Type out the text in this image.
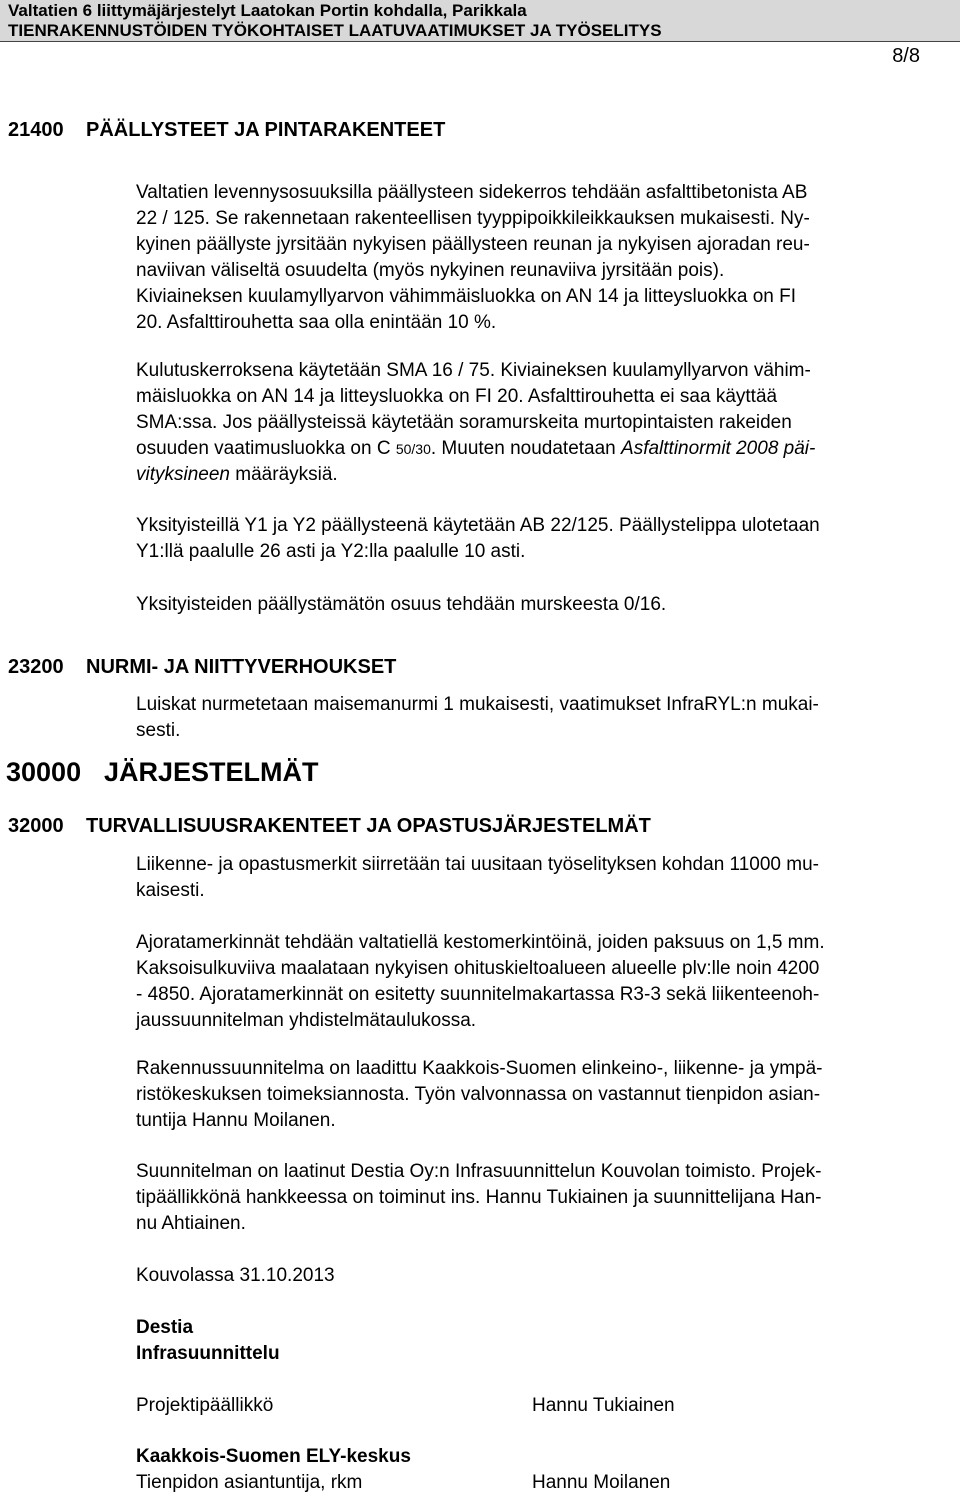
Valtatien 6 liittymäjärjestelyt Laatokan Portin kohdalla, Parikkala
TIENRAKENNUSTÖIDEN TYÖKOHTAISET LAATUVAATIMUKSET JA TYÖSELITYS
8/8
21400 PÄÄLLYSTEET JA PINTARAKENTEET
Valtatien levennysosuuksilla päällysteen sidekerros tehdään asfalttibetonista AB
22 / 125. Se rakennetaan rakenteellisen tyyppipoikkileikkauksen mukaisesti. Ny-
kyinen päällyste jyrsitään nykyisen päällysteen reunan ja nykyisen ajoradan reu-
naviivan väliseltä osuudelta (myös nykyinen reunaviiva jyrsitään pois).
Kiviaineksen kuulamyllyarvon vähimmäisluokka on AN 14 ja litteysluokka on FI
20. Asfalttirouhetta saa olla enintään 10 %.
Kulutuskerroksena käytetään SMA 16 / 75. Kiviaineksen kuulamyllyarvon vähim-
mäisluokka on AN 14 ja litteysluokka on FI 20. Asfalttirouhetta ei saa käyttää
SMA:ssa. Jos päällysteissä käytetään soramurskeita murtopintaisten rakeiden
osuuden vaatimusluokka on C 50/30. Muuten noudatetaan Asfalttinormit 2008 päi-
vityksineen määräyksiä.
Yksityisteillä Y1 ja Y2 päällysteenä käytetään AB 22/125. Päällystelippa ulotetaan
Y1:llä paalulle 26 asti ja Y2:lla paalulle 10 asti.
Yksityisteiden päällystämätön osuus tehdään murskeesta 0/16.
23200 NURMI- JA NIITTYVERHOUKSET
Luiskat nurmetetaan maisemanurmi 1 mukaisesti, vaatimukset InfraRYL:n mukai-
sesti.
30000 JÄRJESTELMÄT
32000 TURVALLISUUSRAKENTEET JA OPASTUSJÄRJESTELMÄT
Liikenne- ja opastusmerkit siirretään tai uusitaan työselityksen kohdan 11000 mu-
kaisesti.
Ajoratamerkinnät tehdään valtatiellä kestomerkintöinä, joiden paksuus on 1,5 mm.
Kaksoisulkuviiva maalataan nykyisen ohituskieltoalueen alueelle plv:lle noin 4200
- 4850. Ajoratamerkinnät on esitetty suunnitelmakartassa R3-3 sekä liikenteenoh-
jaussuunnitelman yhdistelmätaulukossa.
Rakennussuunnitelma on laadittu Kaakkois-Suomen elinkeino-, liikenne- ja ympä-
ristökeskuksen toimeksiannosta. Työn valvonnassa on vastannut tienpidon asian-
tuntija Hannu Moilanen.
Suunnitelman on laatinut Destia Oy:n Infrasuunnittelun Kouvolan toimisto. Projek-
tipäällikkönä hankkeessa on toiminut ins. Hannu Tukiainen ja suunnittelijana Han-
nu Ahtiainen.
Kouvolassa 31.10.2013
Destia
Infrasuunnittelu
Projektipäällikkö	Hannu Tukiainen
Kaakkois-Suomen ELY-keskus
Tienpidon asiantuntija, rkm	Hannu Moilanen
